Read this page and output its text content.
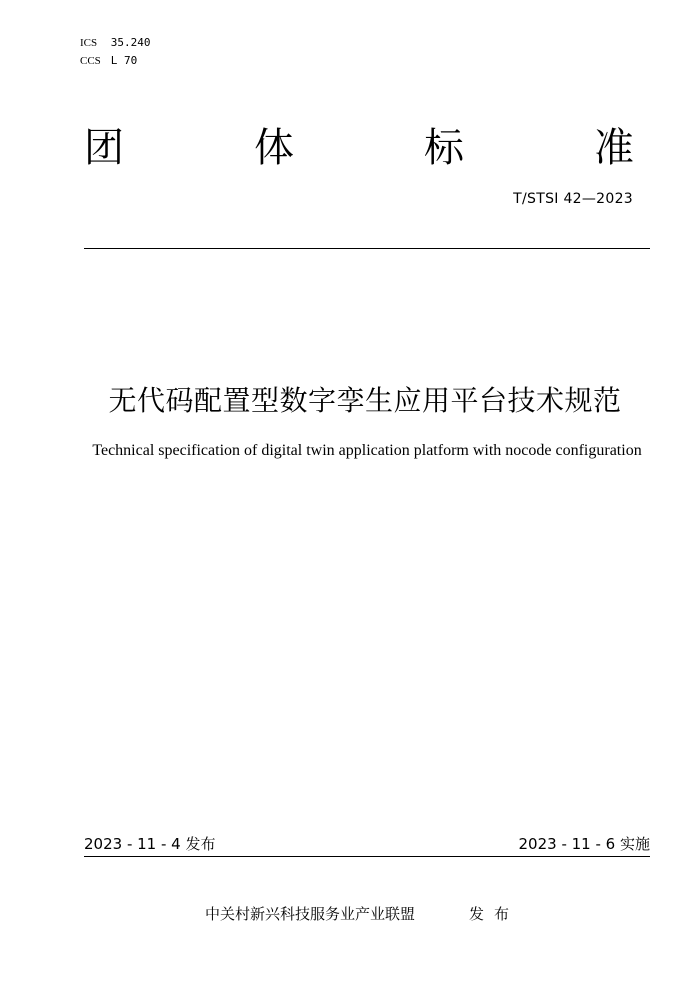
ICS 35.240
CCS L 70
团	体	标	准
T/STSI 42—2023
无代码配置型数字孪生应用平台技术规范
Technical specification of digital twin application platform with nocode configuration
2023 - 11 - 4 发布	2023 - 11 - 6 实施
中关村新兴科技服务业产业联盟	发布
